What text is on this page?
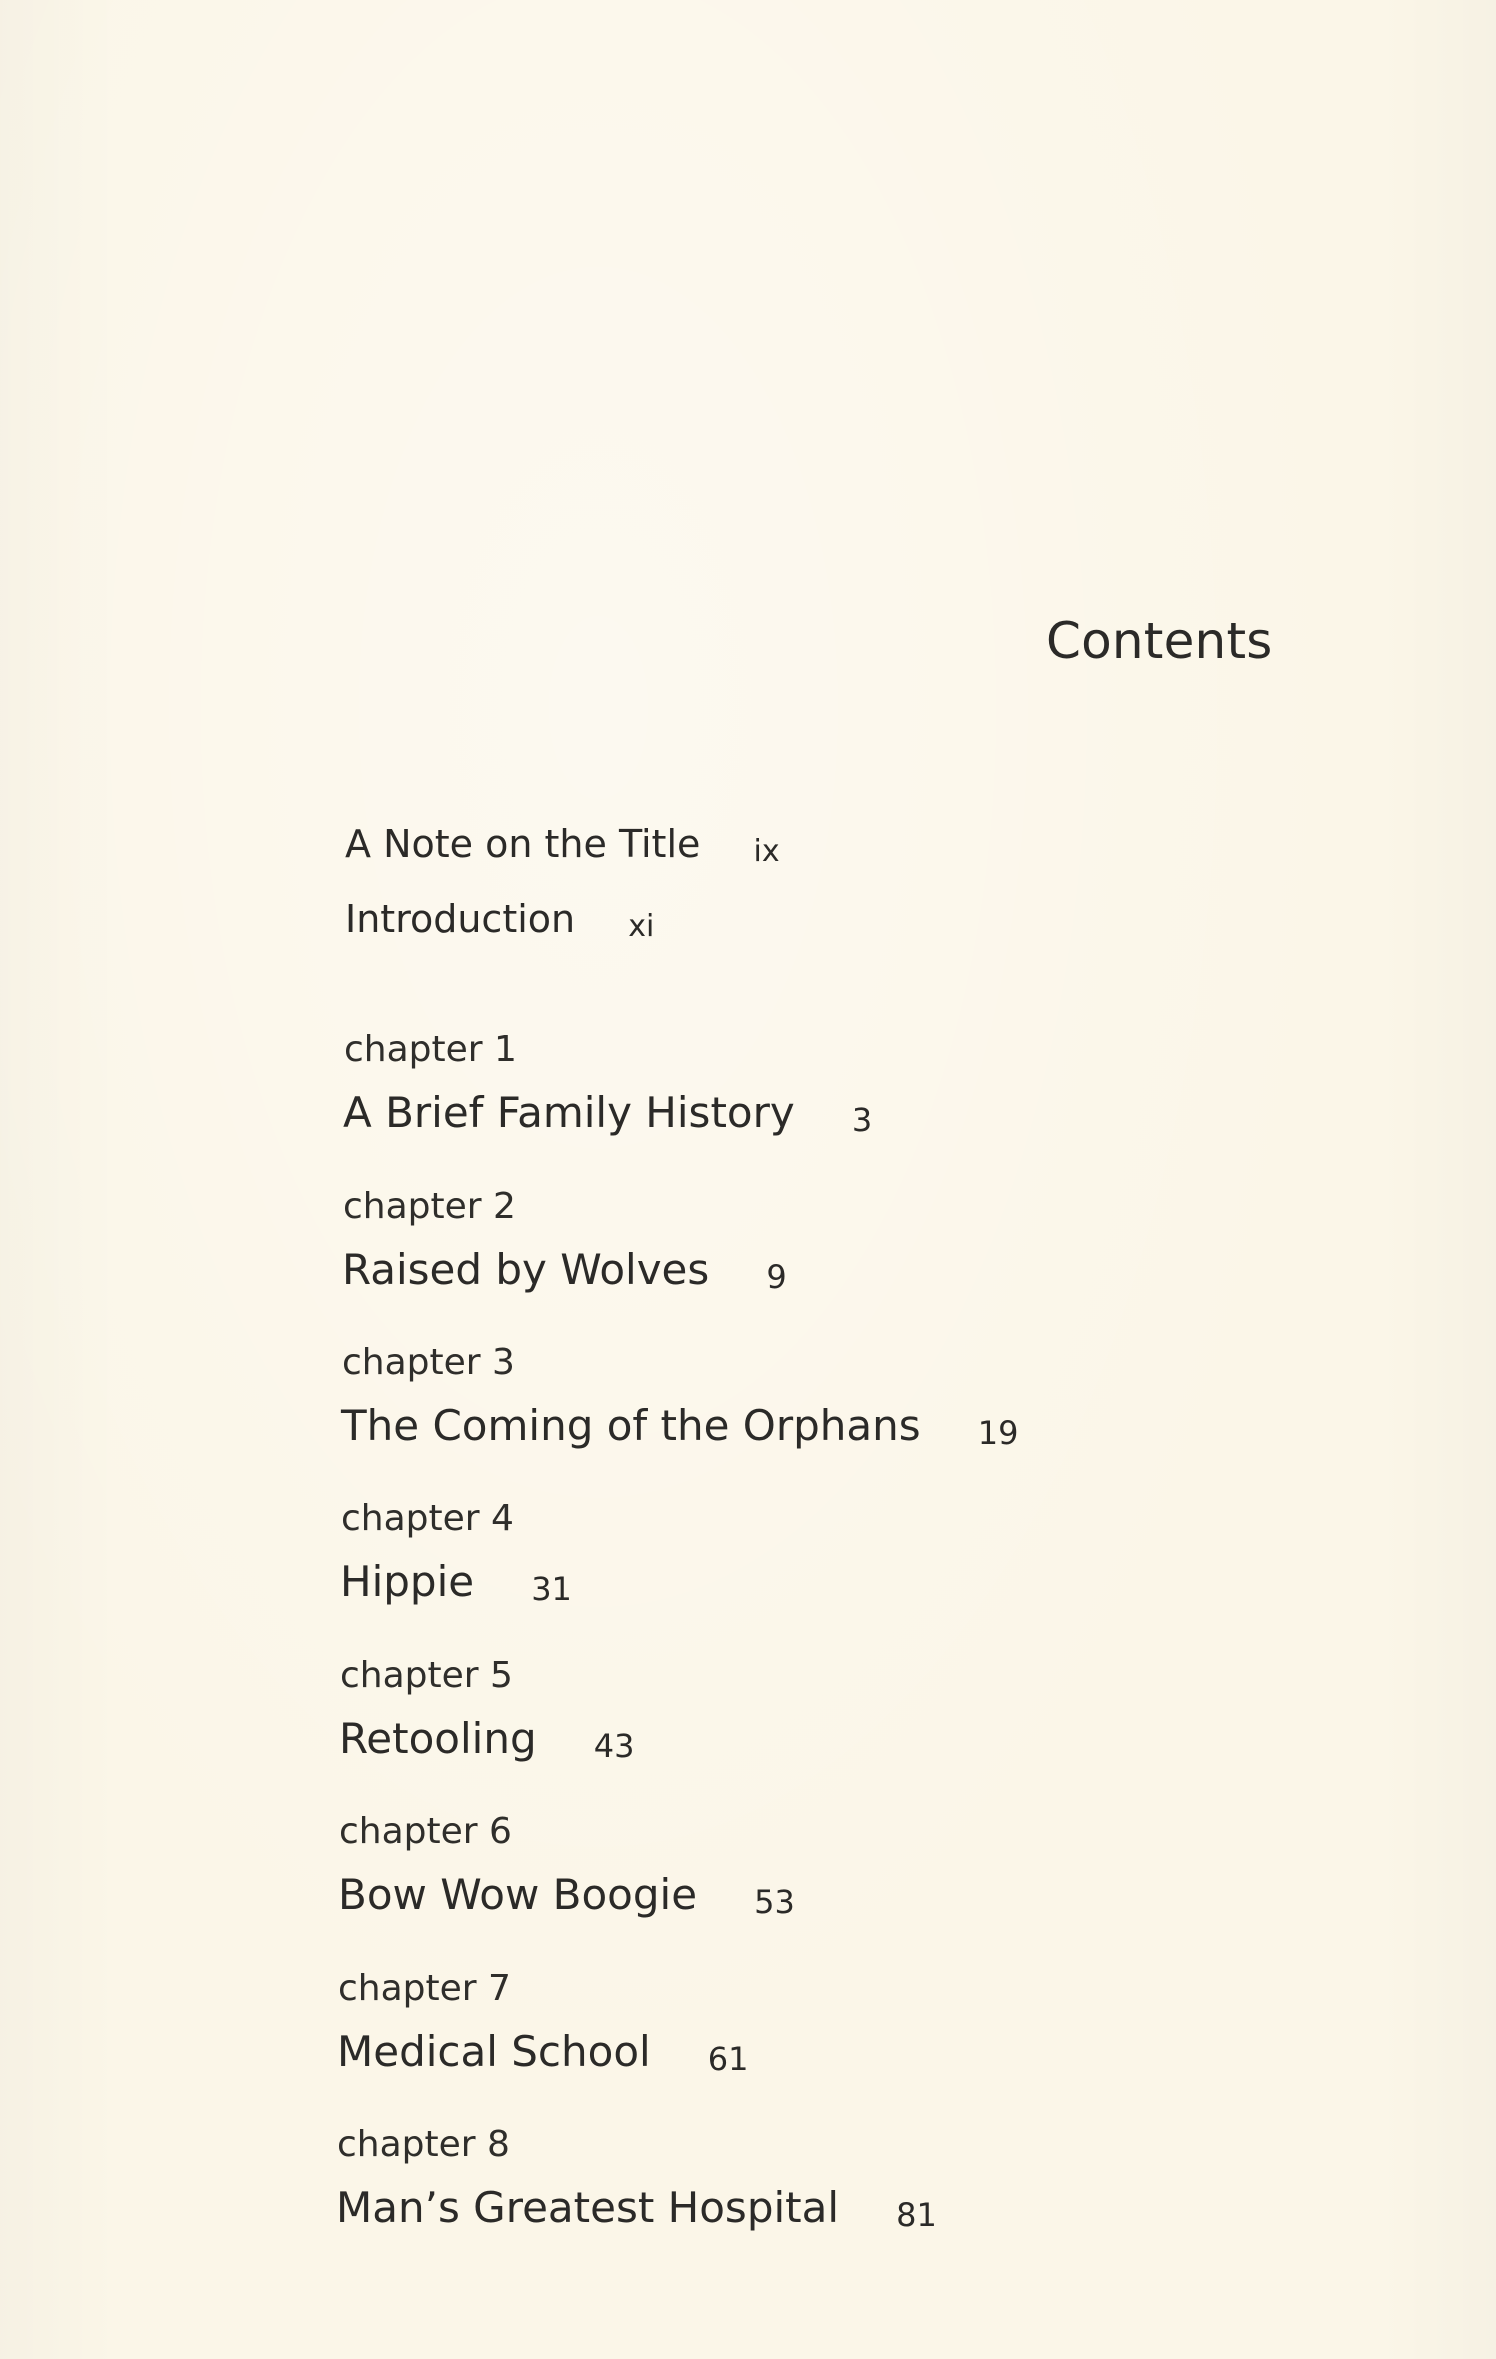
Contents
A Note on the Title ix
Introduction xi
chapter 1
A Brief Family History 3
chapter 2
Raised by Wolves 9
chapter 3
The Coming of the Orphans 19
chapter 4
Hippie 31
chapter 5
Retooling 43
chapter 6
Bow Wow Boogie 53
chapter 7
Medical School 61
chapter 8
Man’s Greatest Hospital 81
